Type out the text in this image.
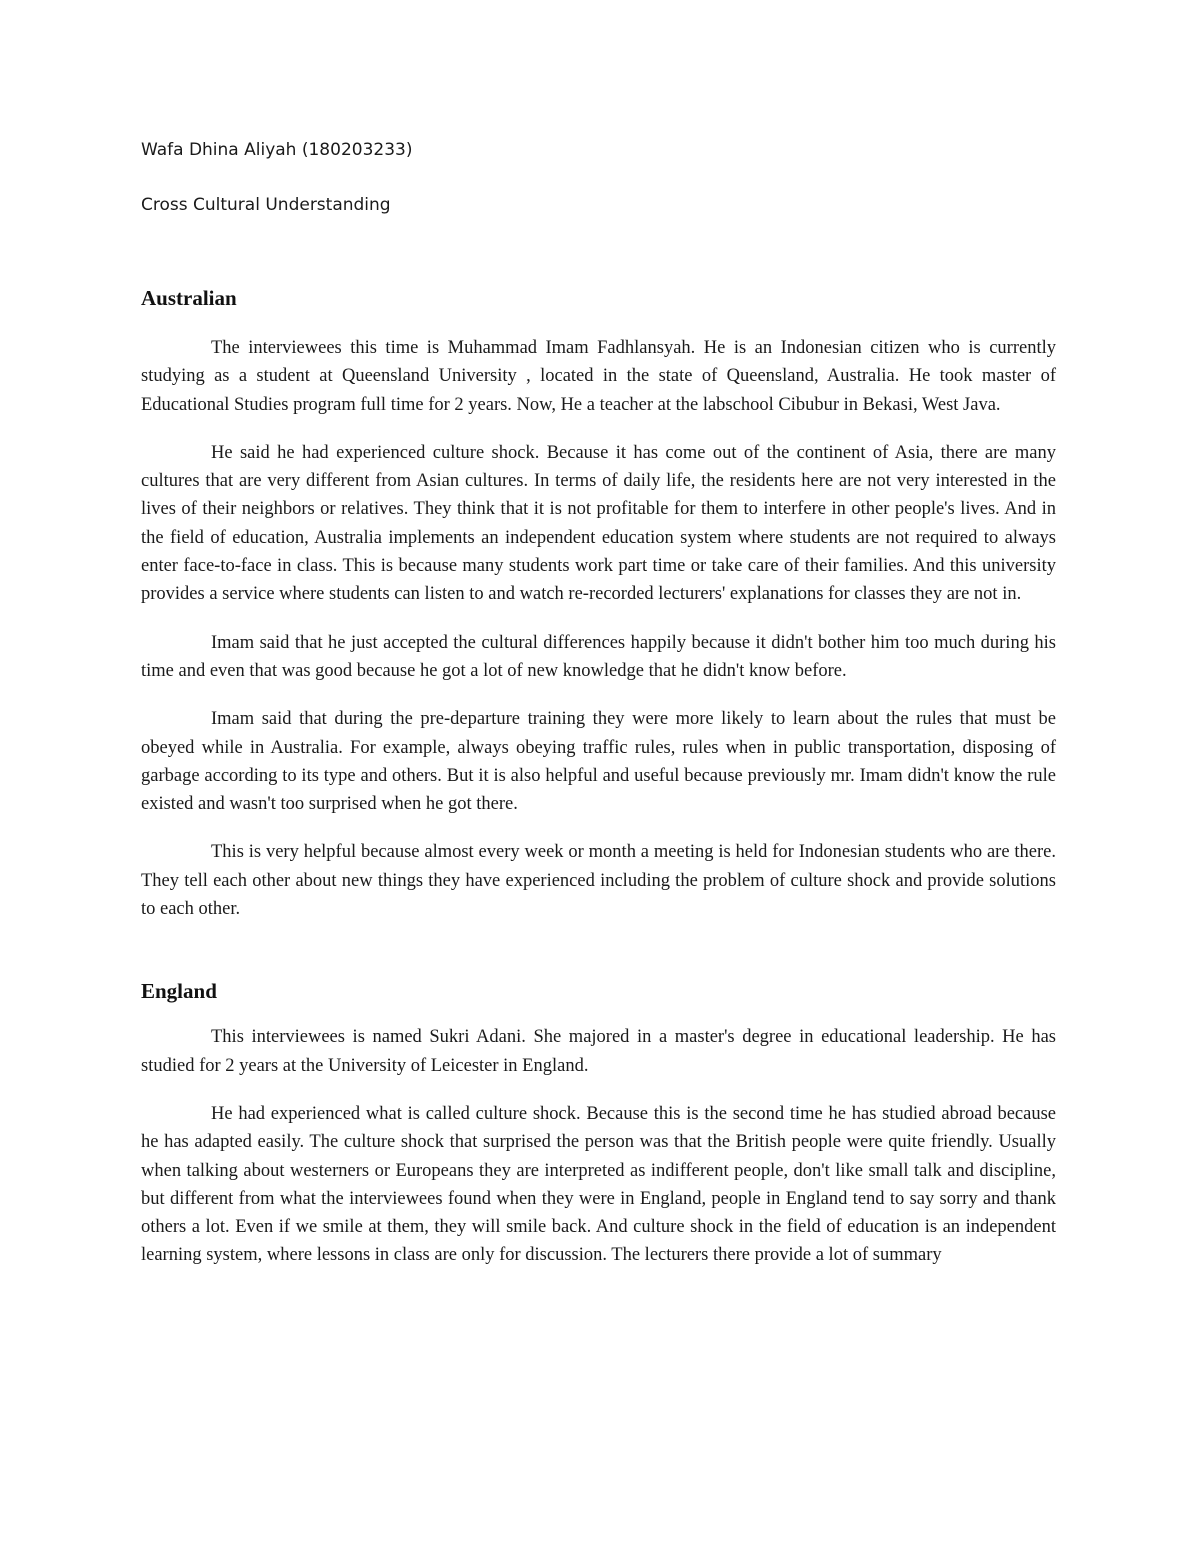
Wafa Dhina Aliyah (180203233)

Cross Cultural Understanding

Australian

The interviewees this time is Muhammad Imam Fadhlansyah. He is an Indonesian citizen who is currently studying as a student at Queensland University , located in the state of Queensland, Australia. He took master of Educational Studies program full time for 2 years. Now, He a teacher at the labschool Cibubur in Bekasi, West Java.

He said he had experienced culture shock. Because it has come out of the continent of Asia, there are many cultures that are very different from Asian cultures. In terms of daily life, the residents here are not very interested in the lives of their neighbors or relatives. They think that it is not profitable for them to interfere in other people's lives. And in the field of education, Australia implements an independent education system where students are not required to always enter face-to-face in class. This is because many students work part time or take care of their families. And this university provides a service where students can listen to and watch re-recorded lecturers' explanations for classes they are not in.

Imam said that he just accepted the cultural differences happily because it didn't bother him too much during his time and even that was good because he got a lot of new knowledge that he didn't know before.

Imam said that during the pre-departure training they were more likely to learn about the rules that must be obeyed while in Australia. For example, always obeying traffic rules, rules when in public transportation, disposing of garbage according to its type and others. But it is also helpful and useful because previously mr. Imam didn't know the rule existed and wasn't too surprised when he got there.

This is very helpful because almost every week or month a meeting is held for Indonesian students who are there. They tell each other about new things they have experienced including the problem of culture shock and provide solutions to each other.

England

This interviewees is named Sukri Adani. She majored in a master's degree in educational leadership. He has studied for 2 years at the University of Leicester in England.

He had experienced what is called culture shock. Because this is the second time he has studied abroad because he has adapted easily. The culture shock that surprised the person was that the British people were quite friendly. Usually when talking about westerners or Europeans they are interpreted as indifferent people, don't like small talk and discipline, but different from what the interviewees found when they were in England, people in England tend to say sorry and thank others a lot. Even if we smile at them, they will smile back. And culture shock in the field of education is an independent learning system, where lessons in class are only for discussion. The lecturers there provide a lot of summary
